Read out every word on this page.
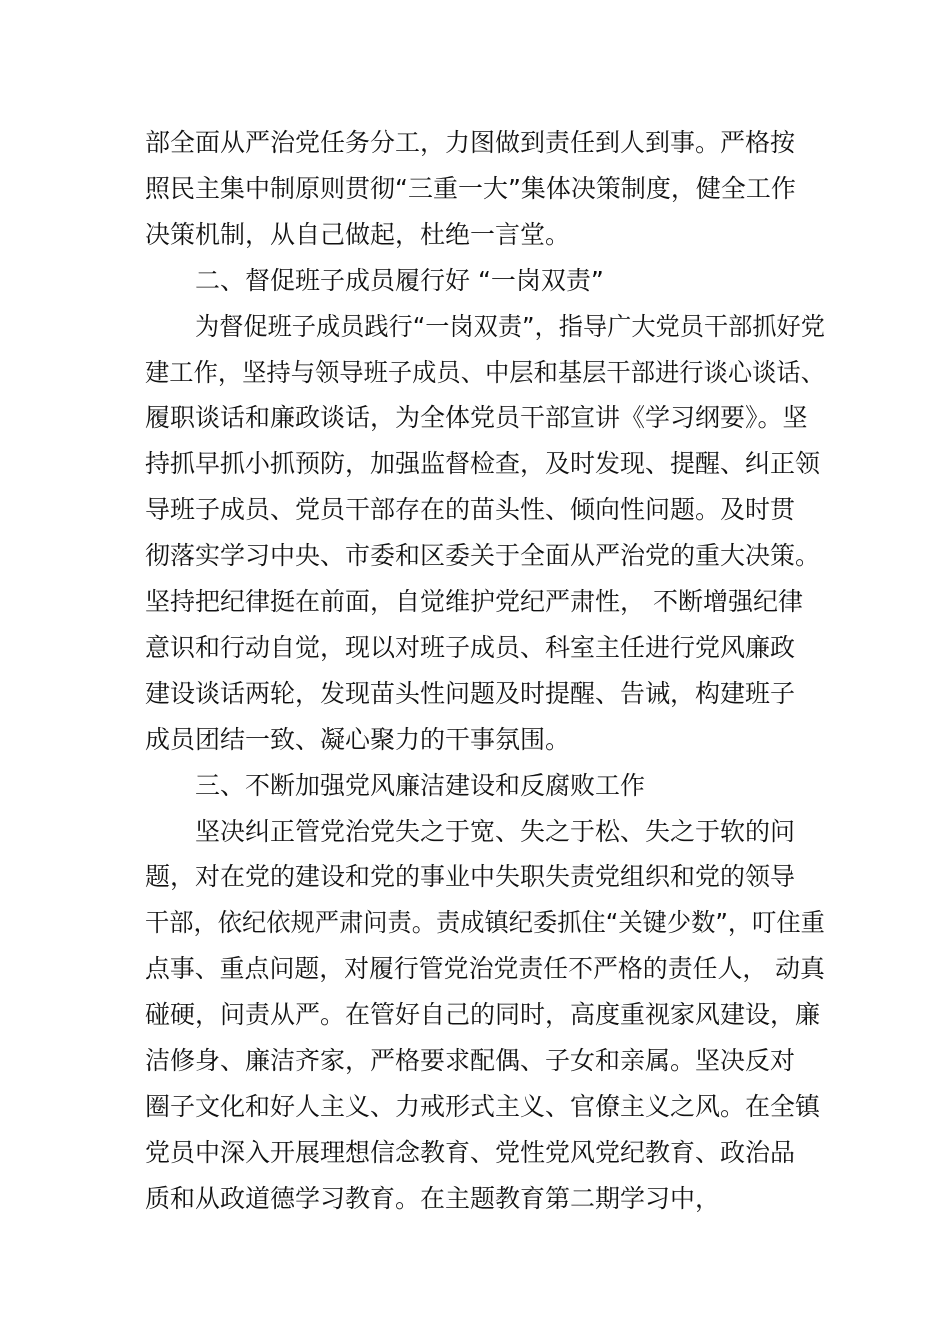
部全面从严治党任务分工，力图做到责任到人到事。严格按
照民主集中制原则贯彻“三重一大”集体决策制度，健全工作
决策机制，从自己做起，杜绝一言堂。
二、督促班子成员履行好 “一岗双责”
为督促班子成员践行“一岗双责”，指导广大党员干部抓好党
建工作，坚持与领导班子成员、中层和基层干部进行谈心谈话、
履职谈话和廉政谈话，为全体党员干部宣讲《学习纲要》。坚
持抓早抓小抓预防，加强监督检查，及时发现、提醒、纠正领
导班子成员、党员干部存在的苗头性、倾向性问题。及时贯
彻落实学习中央、市委和区委关于全面从严治党的重大决策。
坚持把纪律挺在前面，自觉维护党纪严肃性， 不断增强纪律
意识和行动自觉，现以对班子成员、科室主任进行党风廉政
建设谈话两轮，发现苗头性问题及时提醒、告诫，构建班子
成员团结一致、凝心聚力的干事氛围。
三、不断加强党风廉洁建设和反腐败工作
坚决纠正管党治党失之于宽、失之于松、失之于软的问
题，对在党的建设和党的事业中失职失责党组织和党的领导
干部，依纪依规严肃问责。责成镇纪委抓住“关键少数”，叮住重
点事、重点问题，对履行管党治党责任不严格的责任人， 动真
碰硬，问责从严。在管好自己的同时，高度重视家风建设，廉
洁修身、廉洁齐家，严格要求配偶、子女和亲属。坚决反对
圈子文化和好人主义、力戒形式主义、官僚主义之风。在全镇
党员中深入开展理想信念教育、党性党风党纪教育、政治品
质和从政道德学习教育。在主题教育第二期学习中，
